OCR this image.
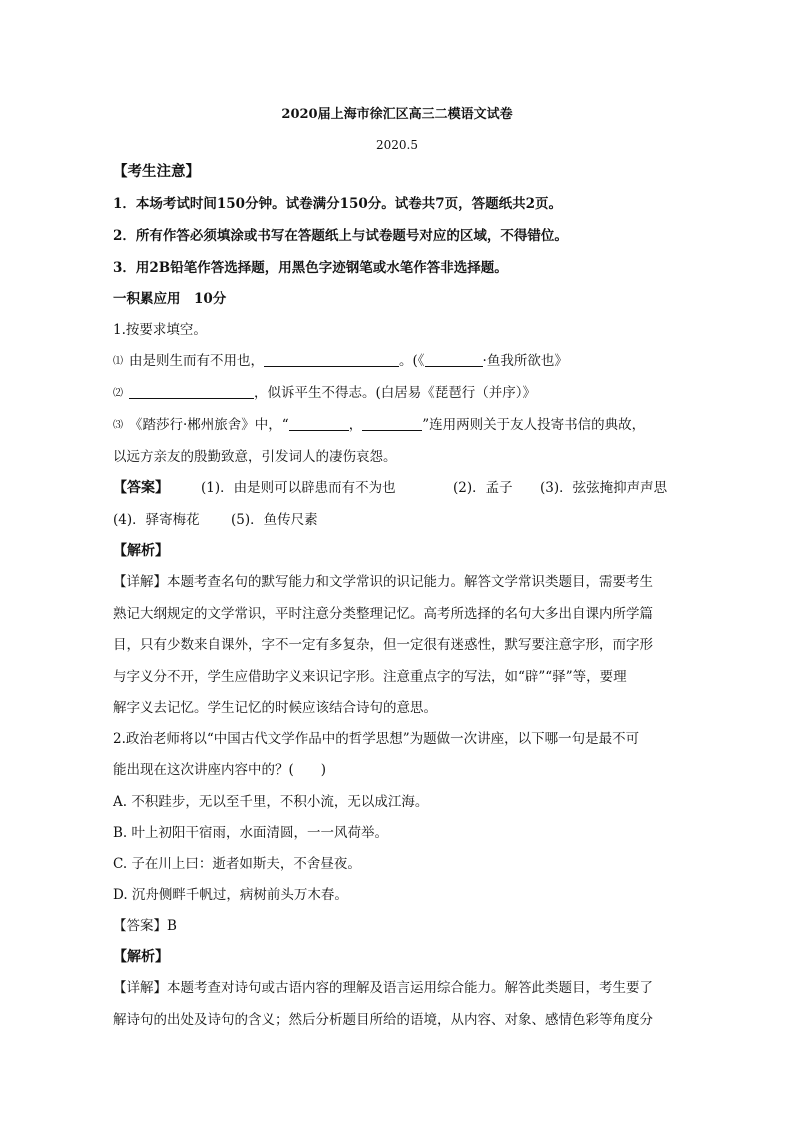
2020届上海市徐汇区高三二模语文试卷
2020.5
【考生注意】
1．本场考试时间150分钟。试卷满分150分。试卷共7页，答题纸共2页。
2．所有作答必须填涂或书写在答题纸上与试卷题号对应的区域，不得错位。
3．用2B铅笔作答选择题，用黑色字迹钢笔或水笔作答非选择题。
一积累应用　10分
1.按要求填空。
⑴ 由是则生而有不用也，	。(《	·鱼我所欲也》
⑵	，似诉平生不得志。(白居易《琵琶行（并序）》
⑶ 《踏莎行·郴州旅舍》中，“	，	”连用两则关于友人投寄书信的典故，
以远方亲友的殷勤致意，引发词人的凄伤哀怨。
【答案】 (1)．由是则可以辟患而有不为也	(2)．孟子 (3)．弦弦掩抑声声思
(4)．驿寄梅花 (5)．鱼传尺素
【解析】
【详解】本题考查名句的默写能力和文学常识的识记能力。解答文学常识类题目，需要考生
熟记大纲规定的文学常识，平时注意分类整理记忆。高考所选择的名句大多出自课内所学篇
目，只有少数来自课外，字不一定有多复杂，但一定很有迷惑性，默写要注意字形，而字形
与字义分不开，学生应借助字义来识记字形。注意重点字的写法，如“辟”“驿”等，要理
解字义去记忆。学生记忆的时候应该结合诗句的意思。
2.政治老师将以“中国古代文学作品中的哲学思想”为题做一次讲座，以下哪一句是最不可
能出现在这次讲座内容中的？(　　)
A. 不积跬步，无以至千里，不积小流，无以成江海。
B. 叶上初阳干宿雨，水面清圆，一一风荷举。
C. 子在川上曰：逝者如斯夫，不舍昼夜。
D. 沉舟侧畔千帆过，病树前头万木春。
【答案】B
【解析】
【详解】本题考查对诗句或古语内容的理解及语言运用综合能力。解答此类题目，考生要了
解诗句的出处及诗句的含义；然后分析题目所给的语境，从内容、对象、感情色彩等角度分
